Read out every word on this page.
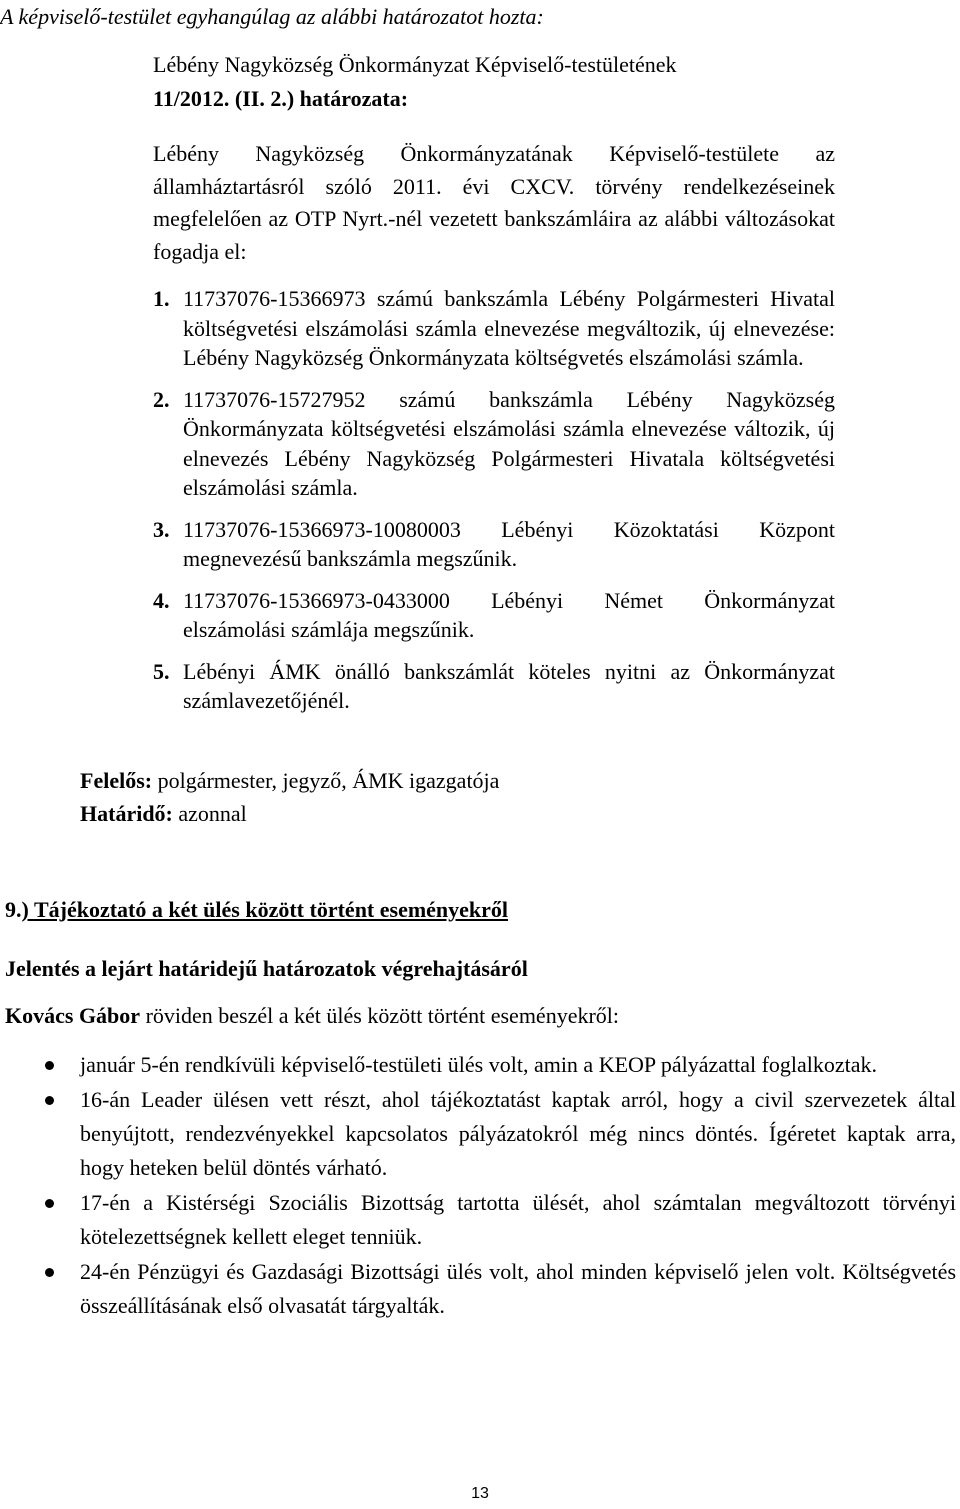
A képviselő-testület egyhangúlag az alábbi határozatot hozta:

Lébény Nagyközség Önkormányzat Képviselő-testületének
11/2012. (II. 2.) határozata:

Lébény Nagyközség Önkormányzatának Képviselő-testülete az államháztartásról szóló 2011. évi CXCV. törvény rendelkezéseinek megfelelően az OTP Nyrt.-nél vezetett bankszámláira az alábbi változásokat fogadja el:

1. 11737076-15366973 számú bankszámla Lébény Polgármesteri Hivatal költségvetési elszámolási számla elnevezése megváltozik, új elnevezése: Lébény Nagyközség Önkormányzata költségvetés elszámolási számla.
2. 11737076-15727952 számú bankszámla Lébény Nagyközség Önkormányzata költségvetési elszámolási számla elnevezése változik, új elnevezés Lébény Nagyközség Polgármesteri Hivatala költségvetési elszámolási számla.
3. 11737076-15366973-10080003 Lébényi Közoktatási Központ megnevezésű bankszámla megszűnik.
4. 11737076-15366973-0433000 Lébényi Német Önkormányzat elszámolási számlája megszűnik.
5. Lébényi ÁMK önálló bankszámlát köteles nyitni az Önkormányzat számlavezetőjénél.

Felelős: polgármester, jegyző, ÁMK igazgatója
Határidő: azonnal

9.) Tájékoztató a két ülés között történt eseményekről
Jelentés a lejárt határidejű határozatok végrehajtásáról

Kovács Gábor röviden beszél a két ülés között történt eseményekről:

január 5-én rendkívüli képviselő-testületi ülés volt, amin a KEOP pályázattal foglalkoztak.
16-án Leader ülésen vett részt, ahol tájékoztatást kaptak arról, hogy a civil szervezetek által benyújtott, rendezvényekkel kapcsolatos pályázatokról még nincs döntés. Ígéretet kaptak arra, hogy heteken belül döntés várható.
17-én a Kistérségi Szociális Bizottság tartotta ülését, ahol számtalan megváltozott törvényi kötelezettségnek kellett eleget tenniük.
24-én Pénzügyi és Gazdasági Bizottsági ülés volt, ahol minden képviselő jelen volt. Költségvetés összeállításának első olvasatát tárgyalták.

13
